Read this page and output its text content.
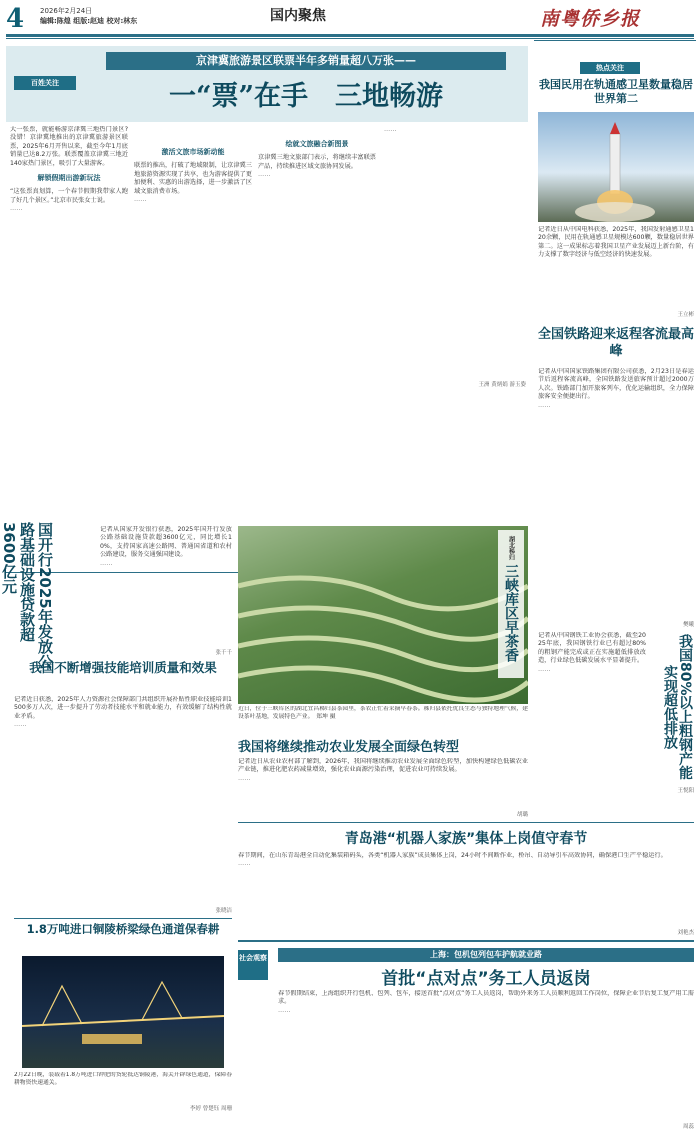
4 2026年2月24日
编辑:陈煌 组版:赵迪 校对:林东	国内聚焦	南粤侨乡报
百姓关注
京津冀旅游景区联票半年多销量超八万张——
一“票”在手　三地畅游
大一张票，就能畅游京津冀三地热门景区?没错！京津冀地推出的京津冀旅游景区联票，2025年6月开售以来，截至今年1月底销量已达8.2万张。联票覆盖京津冀三地近140家热门景区，吸引了大量游客。
解锁假期出游新玩法
“这张票真划算，一个春节假期我带家人跑了好几个景区。”北京市民张女士说。
……
激活文旅市场新动能
联票的推出，打破了地域限制，让京津冀三地旅游资源实现了共享，也为游客提供了更加便利、实惠的出游选择，进一步激活了区域文旅消费市场。
……
绘就文旅融合新图景
京津冀三地文旅部门表示，将继续丰富联票产品，持续推进区域文旅协同发展。
……
王洲 黄炳娟 游玉姿
……
热点关注
我国民用在轨通感卫星数量稳居世界第二
记者近日从中国电科获悉，2025年，我国发射通感卫星120余颗，民用在轨通感卫星规模达600颗，数量稳居世界第二。这一成果标志着我国卫星产业发展迈上新台阶，有力支撑了数字经济与低空经济的快速发展。
王立彬
全国铁路迎来返程客流最高峰
记者从中国国家铁路集团有限公司获悉，2月23日是春运节后返程客流高峰，全国铁路发送旅客预计超过2000万人次。铁路部门加开旅客列车，优化运输组织，全力保障旅客安全便捷出行。
……
樊曦
记者从中国钢铁工业协会获悉，截至2025年底，我国钢铁行业已有超过80%的粗钢产能完成或正在实施超低排放改造，行业绿色低碳发展水平显著提升。
……	我国80%以上粗钢产能实现超低排放
王悦阳
国开行2025年发放公路基础设施贷款超3600亿元	记者从国家开发银行获悉，2025年国开行发放公路基础设施贷款超3600亿元，同比增长10%，支持国家高速公路网、普通国省道和农村公路建设，服务交通强国建设。
……
张千千
湖北秭归
三峡库区早茶香
近日，位于三峡库区的湖北宜昌秭归县茶园里，茶农正忙着采摘早春茶。秭归县依托优良生态与独特地理气候，建设茶叶基地，发展特色产业。　郑坤 摄
我国不断增强技能培训质量和效果
记者近日获悉，2025年人力资源社会保障部门共组织开展补贴性职业技能培训1500多万人次，进一步提升了劳动者技能水平和就业能力，有效缓解了结构性就业矛盾。
……
张晓洁
我国将继续推动农业发展全面绿色转型
记者近日从农业农村部了解到，2026年，我国将继续推动农业发展全面绿色转型，加快构建绿色低碳农业产业链，推进化肥农药减量增效，强化农业面源污染治理，促进农业可持续发展。
……
胡璐
青岛港“机器人家族”集体上岗值守春节
春节期间，在山东青岛港全自动化集装箱码头，各类“机器人家族”成员集体上岗，24小时不间断作业，桥吊、自动导引车高效协同，确保港口生产平稳运行。
……
刘艳杰
1.8万吨进口铜陵桥梁绿色通道保春耕
2月22日晚，装载着1.8万吨进口钾肥的货轮抵达铜陵港，海关开辟绿色通道，保障春耕物资快速通关。
李婷 曾楚钰 周珊
社会观察	上海：包机包列包车护航就业路
首批“点对点”务工人员返岗
春节假期结束，上海组织开行包机、包列、包车，接送首批“点对点”务工人员返岗，帮助外来务工人员顺利返回工作岗位，保障企业节后复工复产用工需求。
……
周蕊
